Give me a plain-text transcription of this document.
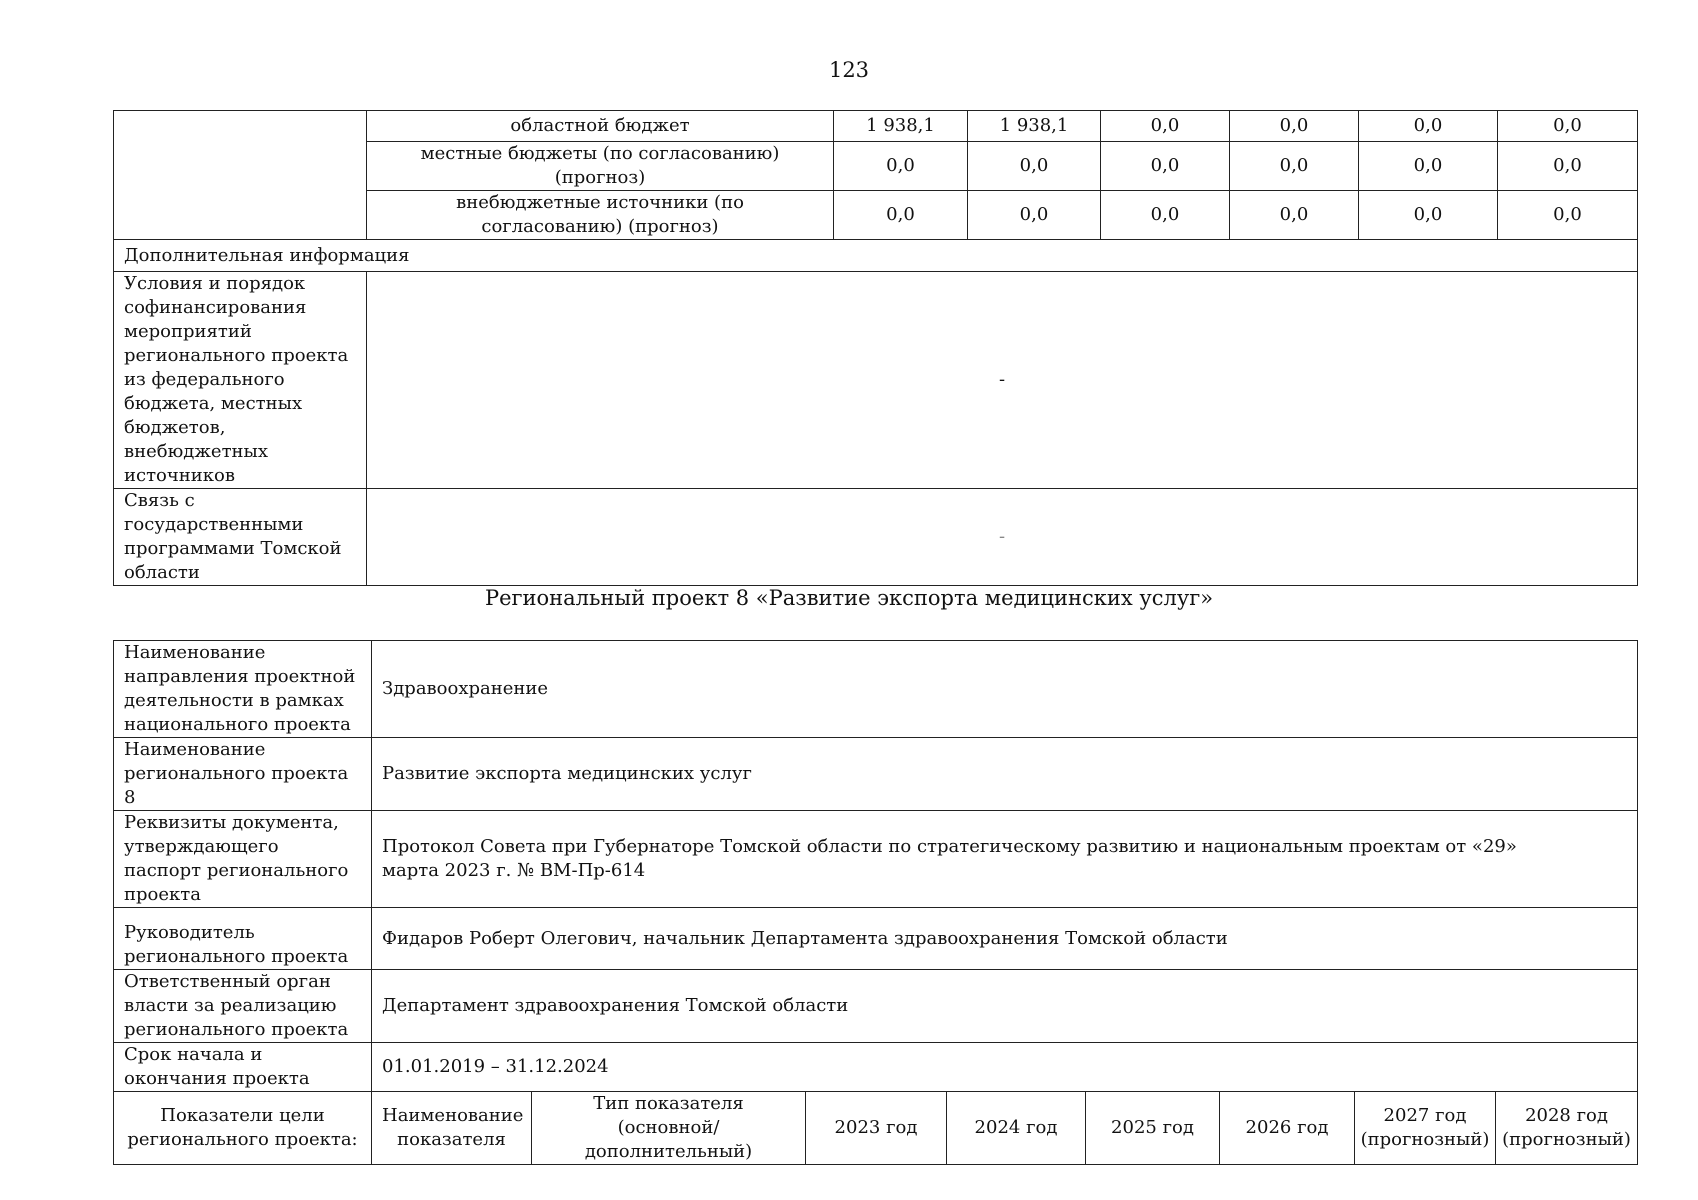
123
	областной бюджет	1 938,1	1 938,1	0,0	0,0	0,0	0,0
	местные бюджеты (по согласованию) (прогноз)	0,0	0,0	0,0	0,0	0,0	0,0
	внебюджетные источники (по согласованию) (прогноз)	0,0	0,0	0,0	0,0	0,0	0,0
Дополнительная информация							
Условия и порядок софинансирования мероприятий регионального проекта из федерального бюджета, местных бюджетов, внебюджетных источников	-						
Связь с государственными программами Томской области	-						
Региональный проект 8 «Развитие экспорта медицинских услуг»
Наименование направления проектной деятельности в рамках национального проекта	Здравоохранение							
Наименование регионального проекта 8	Развитие экспорта медицинских услуг							
Реквизиты документа, утверждающего паспорт регионального проекта	Протокол Совета при Губернаторе Томской области по стратегическому развитию и национальным проектам от «29» марта 2023 г. № ВМ-Пр-614							
Руководитель регионального проекта	Фидаров Роберт Олегович, начальник Департамента здравоохранения Томской области							
Ответственный орган власти за реализацию регионального проекта	Департамент здравоохранения Томской области							
Срок начала и окончания проекта	01.01.2019 – 31.12.2024							
Показатели цели регионального проекта:	Наименование показателя	Тип показателя (основной/дополнительный)	2023 год	2024 год	2025 год	2026 год	2027 год (прогнозный)	2028 год (прогнозный)
